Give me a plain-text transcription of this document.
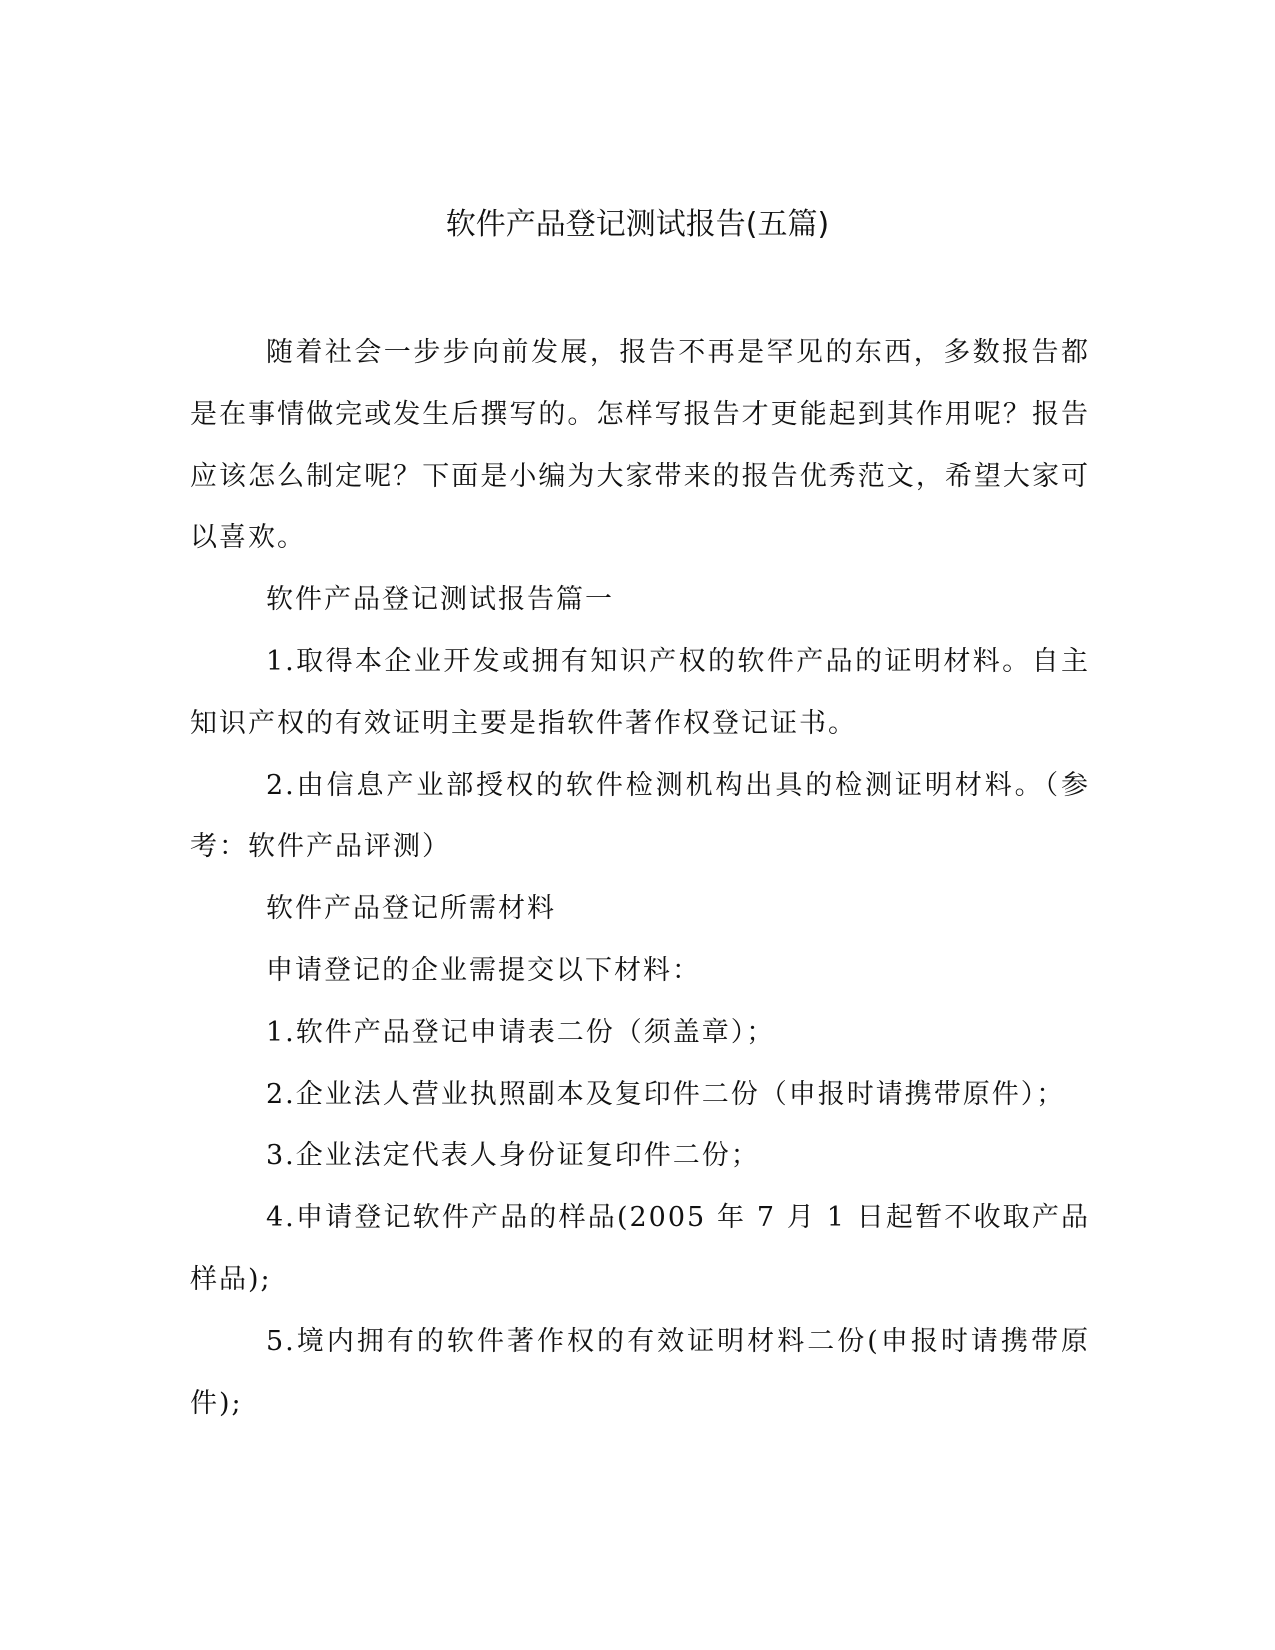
软件产品登记测试报告(五篇)

随着社会一步步向前发展，报告不再是罕见的东西，多数报告都是在事情做完或发生后撰写的。怎样写报告才更能起到其作用呢？报告应该怎么制定呢？下面是小编为大家带来的报告优秀范文，希望大家可以喜欢。

软件产品登记测试报告篇一

1.取得本企业开发或拥有知识产权的软件产品的证明材料。自主知识产权的有效证明主要是指软件著作权登记证书。

2.由信息产业部授权的软件检测机构出具的检测证明材料。（参考：软件产品评测）

软件产品登记所需材料

申请登记的企业需提交以下材料：

1.软件产品登记申请表二份（须盖章）；

2.企业法人营业执照副本及复印件二份（申报时请携带原件）；

3.企业法定代表人身份证复印件二份；

4.申请登记软件产品的样品(2005 年 7 月 1 日起暂不收取产品样品);

5.境内拥有的软件著作权的有效证明材料二份(申报时请携带原件);
